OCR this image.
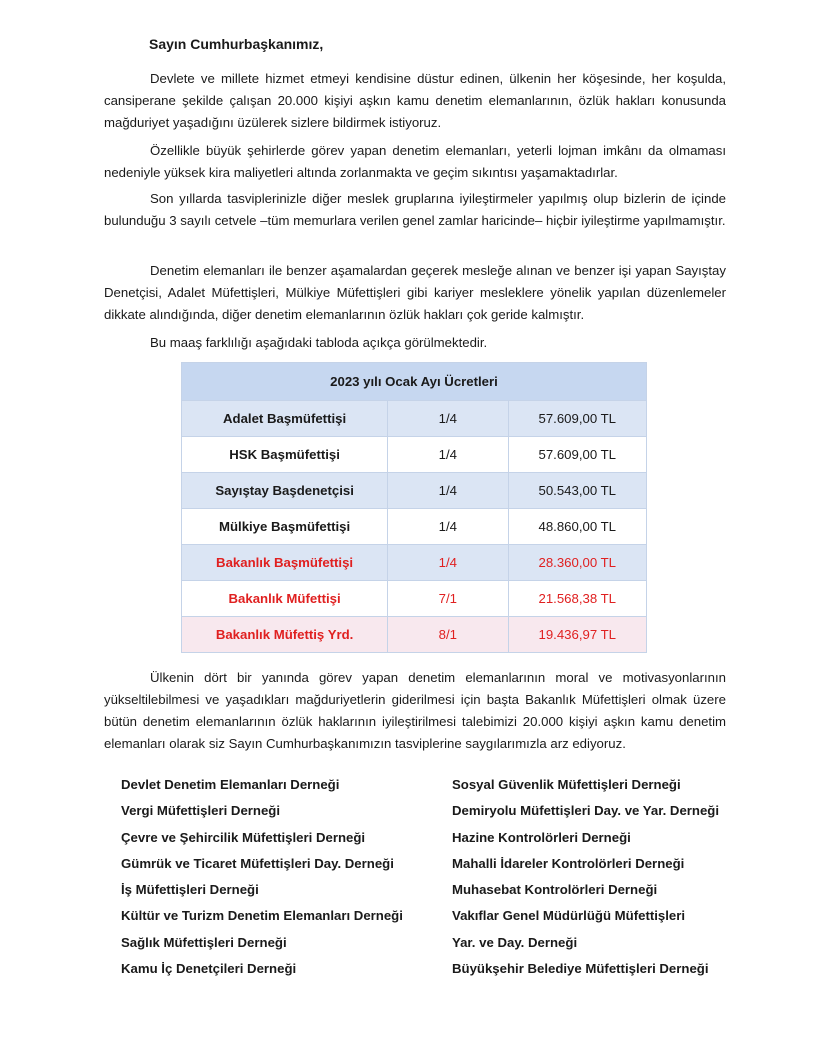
Sayın Cumhurbaşkanımız,

Devlete ve millete hizmet etmeyi kendisine düstur edinen, ülkenin her köşesinde, her koşulda, cansiperane şekilde çalışan 20.000 kişiyi aşkın kamu denetim elemanlarının, özlük hakları konusunda mağduriyet yaşadığını üzülerek sizlere bildirmek istiyoruz.

Özellikle büyük şehirlerde görev yapan denetim elemanları, yeterli lojman imkânı da olmaması nedeniyle yüksek kira maliyetleri altında zorlanmakta ve geçim sıkıntısı yaşamaktadırlar.

Son yıllarda tasviplerinizle diğer meslek gruplarına iyileştirmeler yapılmış olup bizlerin de içinde bulunduğu 3 sayılı cetvele –tüm memurlara verilen genel zamlar haricinde– hiçbir iyileştirme yapılmamıştır.

Denetim elemanları ile benzer aşamalardan geçerek mesleğe alınan ve benzer işi yapan Sayıştay Denetçisi, Adalet Müfettişleri, Mülkiye Müfettişleri gibi kariyer mesleklere yönelik yapılan düzenlemeler dikkate alındığında, diğer denetim elemanlarının özlük hakları çok geride kalmıştır.

Bu maaş farklılığı aşağıdaki tabloda açıkça görülmektedir.

2023 yılı Ocak Ayı Ücretleri		
Adalet Başmüfettişi	1/4	57.609,00 TL
HSK Başmüfettişi	1/4	57.609,00 TL
Sayıştay Başdenetçisi	1/4	50.543,00 TL
Mülkiye Başmüfettişi	1/4	48.860,00 TL
Bakanlık Başmüfettişi	1/4	28.360,00 TL
Bakanlık Müfettişi	7/1	21.568,38 TL
Bakanlık Müfettiş Yrd.	8/1	19.436,97 TL

Ülkenin dört bir yanında görev yapan denetim elemanlarının moral ve motivasyonlarının yükseltilebilmesi ve yaşadıkları mağduriyetlerin giderilmesi için başta Bakanlık Müfettişleri olmak üzere bütün denetim elemanlarının özlük haklarının iyileştirilmesi talebimizi 20.000 kişiyi aşkın kamu denetim elemanları olarak siz Sayın Cumhurbaşkanımızın tasviplerine saygılarımızla arz ediyoruz.

Devlet Denetim Elemanları Derneği
Vergi Müfettişleri Derneği
Çevre ve Şehircilik Müfettişleri Derneği
Gümrük ve Ticaret Müfettişleri Day. Derneği
İş Müfettişleri Derneği
Kültür ve Turizm Denetim Elemanları Derneği
Sağlık Müfettişleri Derneği
Kamu İç Denetçileri Derneği
Sosyal Güvenlik Müfettişleri Derneği
Demiryolu Müfettişleri Day. ve Yar. Derneği
Hazine Kontrolörleri Derneği
Mahalli İdareler Kontrolörleri Derneği
Muhasebat Kontrolörleri Derneği
Vakıflar Genel Müdürlüğü Müfettişleri
Yar. ve Day. Derneği
Büyükşehir Belediye Müfettişleri Derneği
